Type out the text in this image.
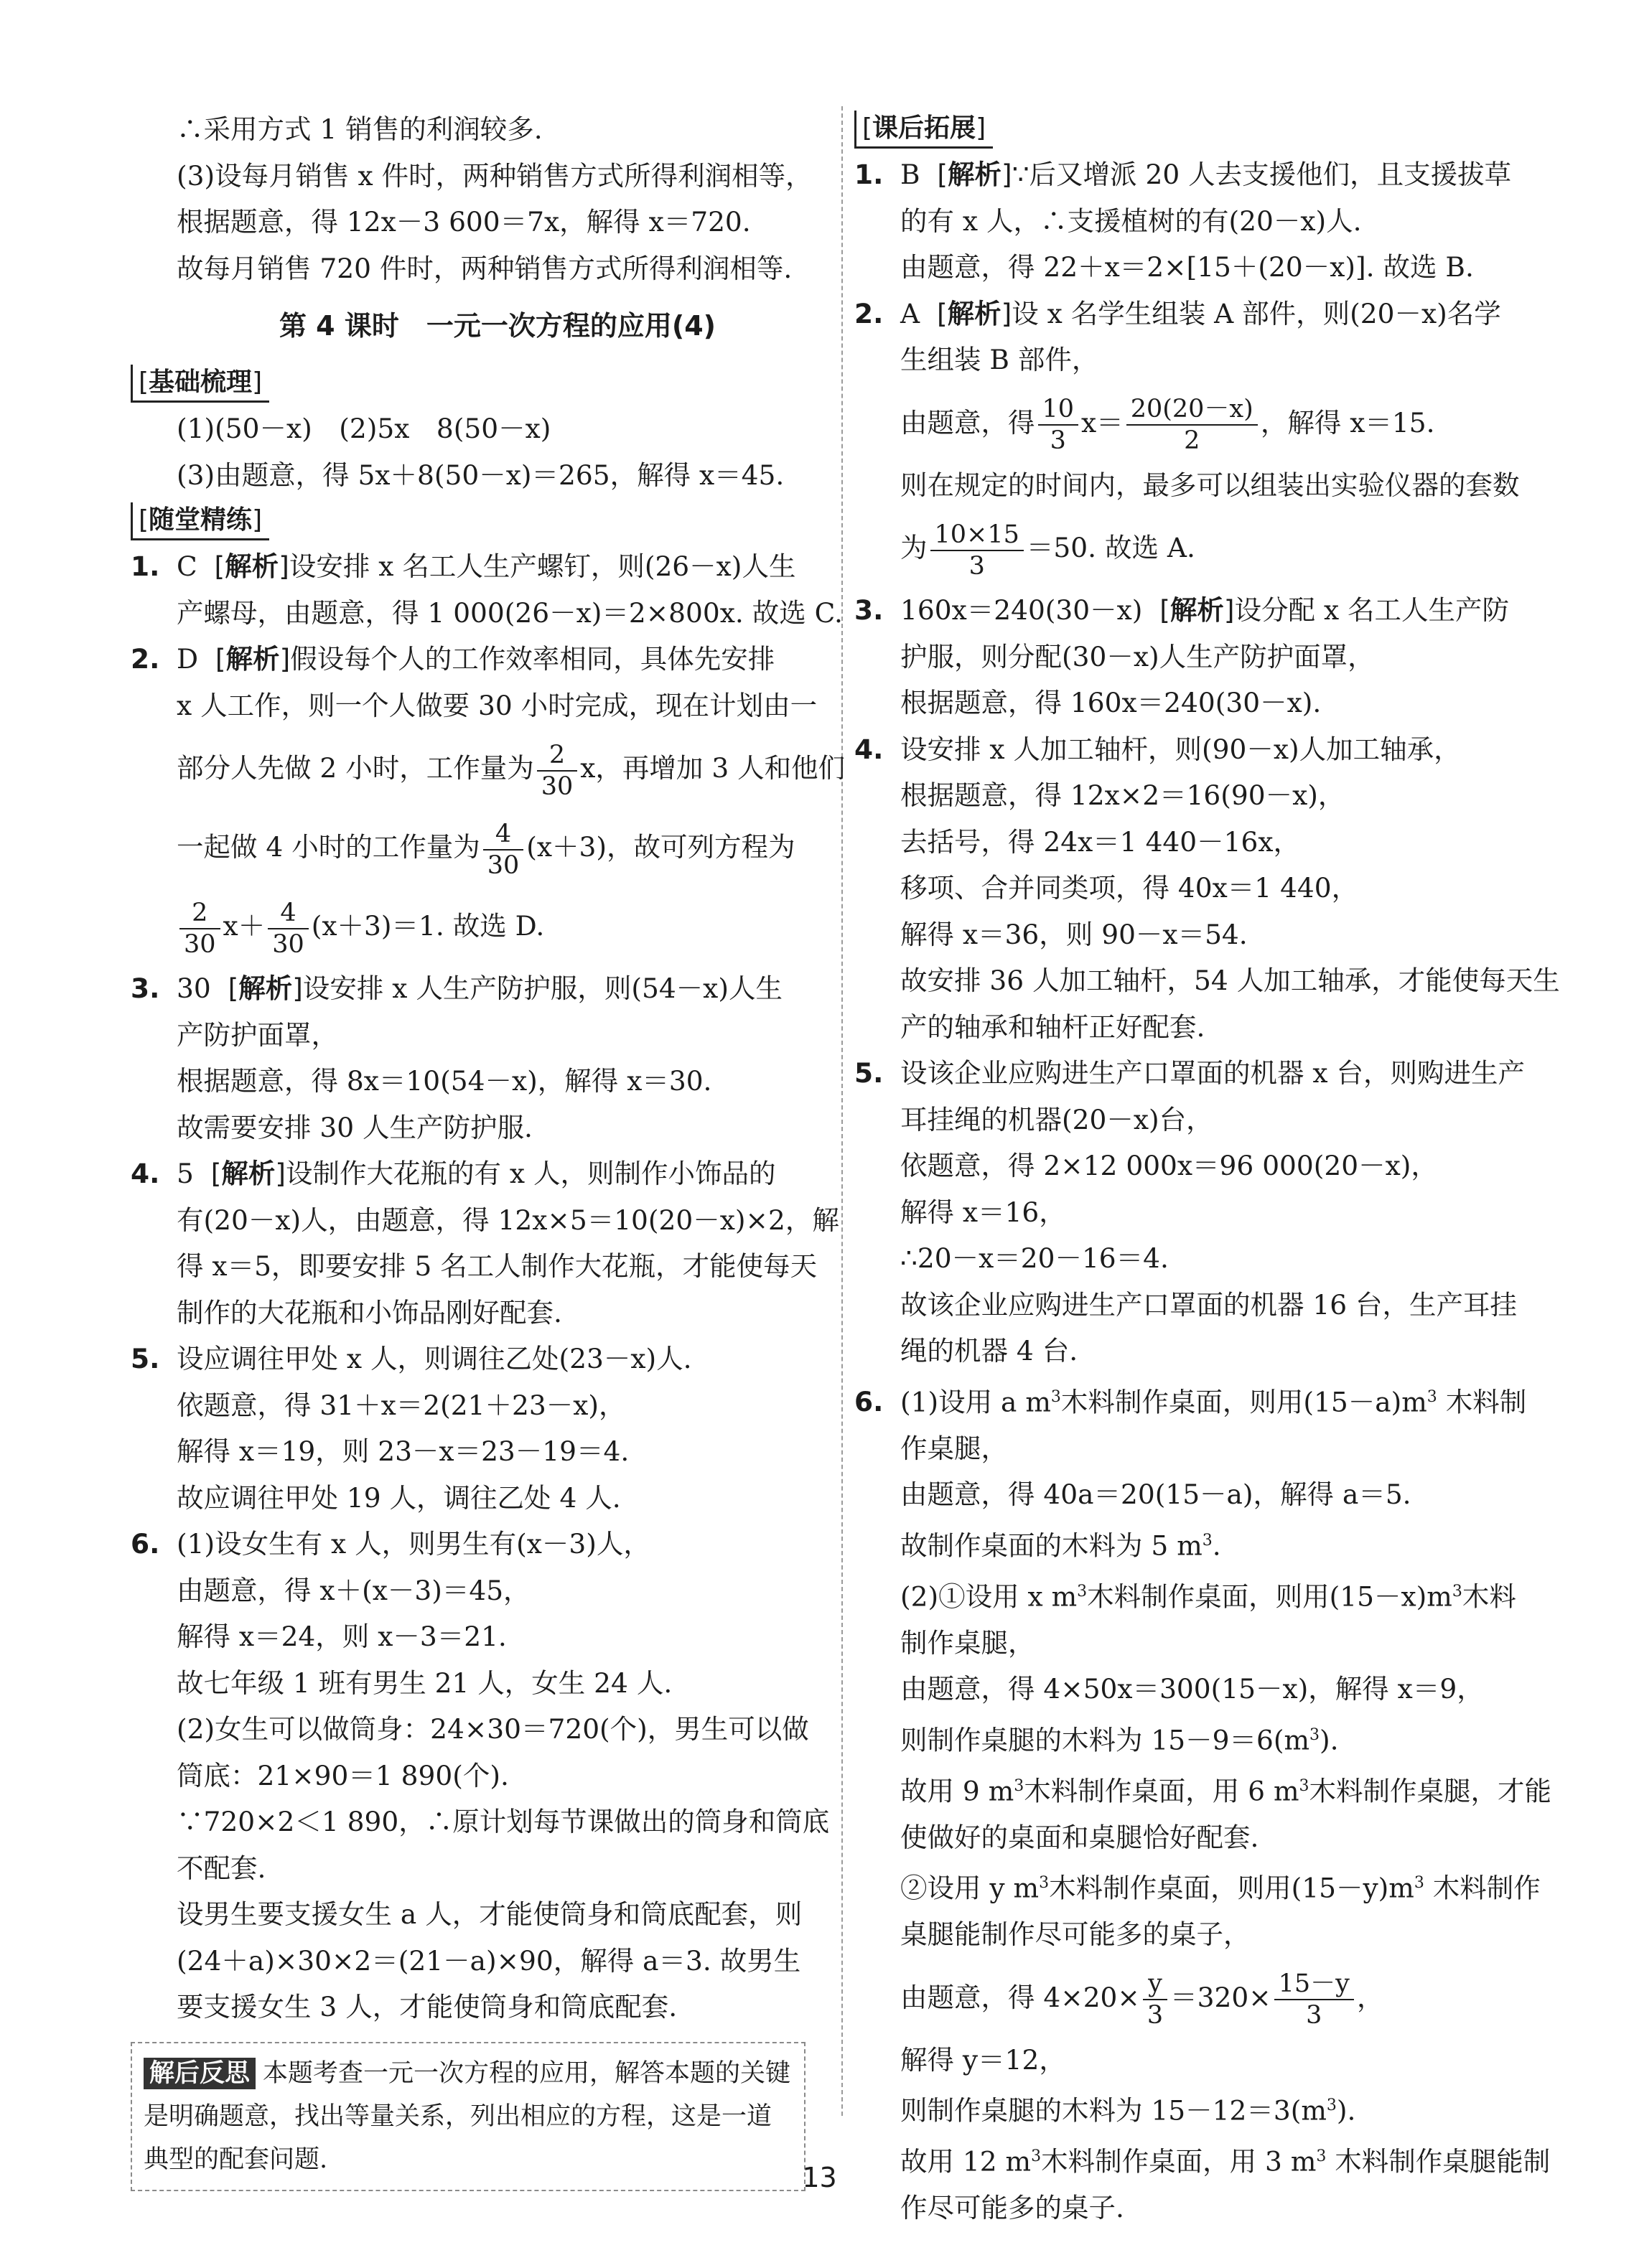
∴采用方式 1 销售的利润较多.
(3)设每月销售 x 件时，两种销售方式所得利润相等，
根据题意，得 12x－3 600＝7x，解得 x＝720.
故每月销售 720 件时，两种销售方式所得利润相等.
第 4 课时　一元一次方程的应用(4)
[ 基础梳理 ]
(1)(50－x)　(2)5x　8(50－x)
(3)由题意，得 5x＋8(50－x)＝265，解得 x＝45.
[ 随堂精练 ]
1. C [ 解析 ] 设安排 x 名工人生产螺钉，则(26－x)人生
产螺母，由题意，得 1 000(26－x)＝2×800x. 故选 C.
2. D [ 解析 ] 假设每个人的工作效率相同，具体先安排
x 人工作，则一个人做要 30 小时完成，现在计划由一
部分人先做 2 小时，工作量为 $\frac{2}{30}$ x，再增加 3 人和他们
一起做 4 小时的工作量为 $\frac{4}{30} (x+3)$，故可列方程为
$\frac{2}{30} x+ \frac{4}{30} (x+3)=1$. 故选 D.
3. 30 [ 解析 ] 设安排 x 人生产防护服，则(54－x)人生
产防护面罩，
根据题意，得 8x＝10(54－x)，解得 x＝30.
故需要安排 30 人生产防护服.
4. 5 [ 解析 ] 设制作大花瓶的有 x 人，则制作小饰品的
有(20－x)人，由题意，得 12x×5＝10(20－x)×2，解
得 x＝5，即要安排 5 名工人制作大花瓶，才能使每天
制作的大花瓶和小饰品刚好配套.
5. 设应调往甲处 x 人，则调往乙处(23－x)人.
依题意，得 31＋x＝2(21＋23－x)，
解得 x＝19，则 23－x＝23－19＝4.
故应调往甲处 19 人，调往乙处 4 人.
6. (1)设女生有 x 人，则男生有(x－3)人，
由题意，得 x＋(x－3)＝45，
解得 x＝24，则 x－3＝21.
故七年级 1 班有男生 21 人，女生 24 人.
(2)女生可以做筒身：24×30＝720(个)，男生可以做
筒底：21×90＝1 890(个).
∵720×2＜1 890，∴原计划每节课做出的筒身和筒底
不配套.
设男生要支援女生 a 人，才能使筒身和筒底配套，则
(24＋a)×30×2＝(21－a)×90，解得 a＝3. 故男生
要支援女生 3 人，才能使筒身和筒底配套.
解后反思 本题考查一元一次方程的应用，解答本题的关键是明确题意，找出等量关系，列出相应的方程，这是一道典型的配套问题.
[ 课后拓展 ]
1. B [ 解析 ] ∵后又增派 20 人去支援他们，且支援拔草
的有 x 人，∴支援植树的有(20－x)人.
由题意，得 22＋x＝2×[15＋(20－x)]. 故选 B.
2. A [ 解析 ] 设 x 名学生组装 A 部件，则(20－x)名学
生组装 B 部件，
由题意，得 $\frac{10}{3} x= \frac{20(20-x)}{2}$ ，解得 x＝15.
则在规定的时间内，最多可以组装出实验仪器的套数
为 $\frac{10\times 15}{3} =50$. 故选 A.
3. 160x＝240(30－x) [ 解析 ] 设分配 x 名工人生产防
护服，则分配(30－x)人生产防护面罩，
根据题意，得 160x＝240(30－x).
4. 设安排 x 人加工轴杆，则(90－x)人加工轴承，
根据题意，得 12x×2＝16(90－x)，
去括号，得 24x＝1 440－16x，
移项、合并同类项，得 40x＝1 440，
解得 x＝36，则 90－x＝54.
故安排 36 人加工轴杆，54 人加工轴承，才能使每天生
产的轴承和轴杆正好配套.
5. 设该企业应购进生产口罩面的机器 x 台，则购进生产
耳挂绳的机器(20－x)台，
依题意，得 2×12 000x＝96 000(20－x)，
解得 x＝16，
∴20－x＝20－16＝4.
故该企业应购进生产口罩面的机器 16 台，生产耳挂
绳的机器 4 台.
6. (1)设用 a $m^3$木料制作桌面，则用$(15-a)m^3$ 木料制
作桌腿，
由题意，得 40a＝20(15－a)，解得 a＝5.
故制作桌面的木料为 5 $m^3$.
(2)①设用 x $m^3$木料制作桌面，则用$(15-x)m^3$木料
制作桌腿，
由题意，得 4×50x＝300(15－x)，解得 x＝9，
则制作桌腿的木料为 $15-9=6(m^3)$.
故用 9 $m^3$木料制作桌面，用 6 $m^3$木料制作桌腿，才能
使做好的桌面和桌腿恰好配套.
②设用 y $m^3$木料制作桌面，则用$(15-y)m^3$ 木料制作
桌腿能制作尽可能多的桌子，
由题意，得 $4\times 20\times \frac{y}{3} =320\times \frac{15-y}{3}$ ，
解得 y＝12，
则制作桌腿的木料为 $15-12=3(m^3)$.
故用 12 $m^3$木料制作桌面，用 3 $m^3$ 木料制作桌腿能制
作尽可能多的桌子.
13
